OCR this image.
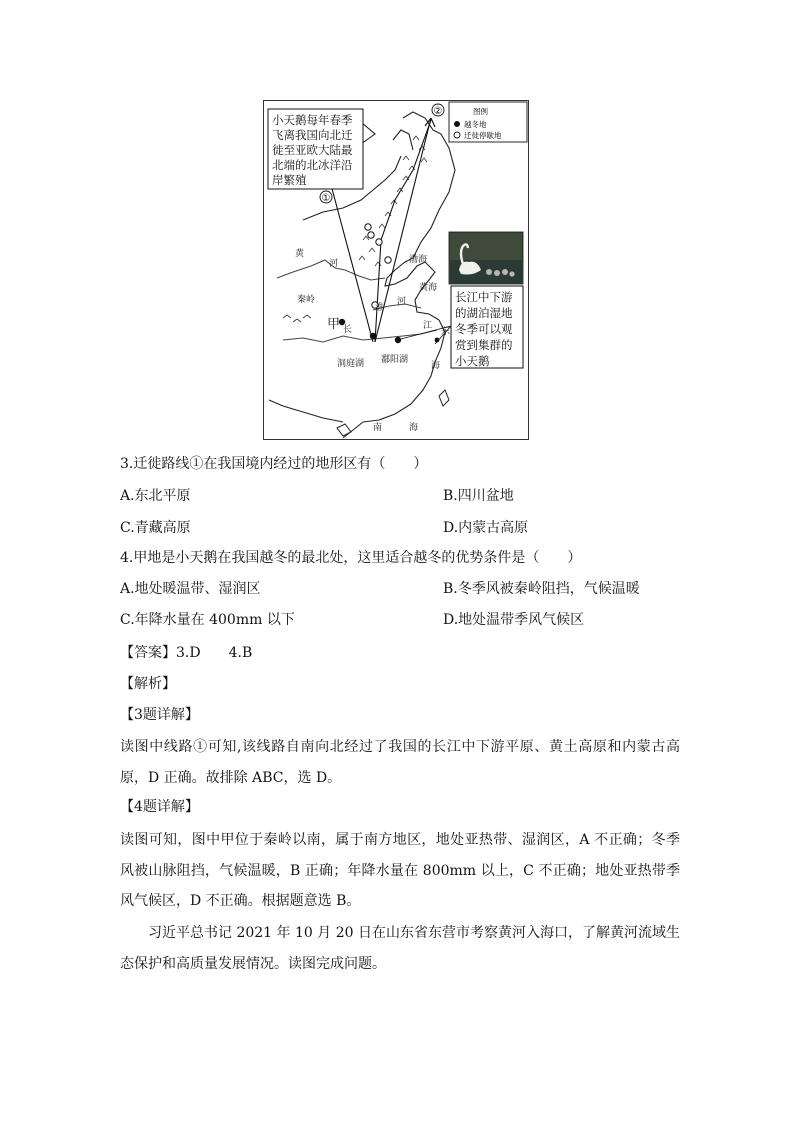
①
②
黄
河
秦岭
甲 长	江
淮
河
渤海
黄海
东
海
洞庭湖 鄱阳湖
南	海
小天鹅每年春季
飞离我国向北迁
徙至亚欧大陆最
北端的北冰洋沿
岸繁殖
图例
越冬地
迁徙停歇地
长江中下游
的湖泊湿地
冬季可以观
赏到集群的
小天鹅
3.迁徙路线①在我国境内经过的地形区有（　　）
A.东北平原	B.四川盆地
C.青藏高原	D.内蒙古高原
4.甲地是小天鹅在我国越冬的最北处，这里适合越冬的优势条件是（　　）
A.地处暖温带、湿润区	B.冬季风被秦岭阻挡，气候温暖
C.年降水量在 400mm 以下	D.地处温带季风气候区
【答案】3.D　　4.B
【解析】
【3题详解】
读图中线路①可知,该线路自南向北经过了我国的长江中下游平原、黄土高原和内蒙古高原，D 正确。故排除 ABC，选 D。
【4题详解】
读图可知，图中甲位于秦岭以南，属于南方地区，地处亚热带、湿润区，A 不正确；冬季风被山脉阻挡，气候温暖，B 正确；年降水量在 800mm 以上，C 不正确；地处亚热带季风气候区，D 不正确。根据题意选 B。
习近平总书记 2021 年 10 月 20 日在山东省东营市考察黄河入海口，了解黄河流域生态保护和高质量发展情况。读图完成问题。
